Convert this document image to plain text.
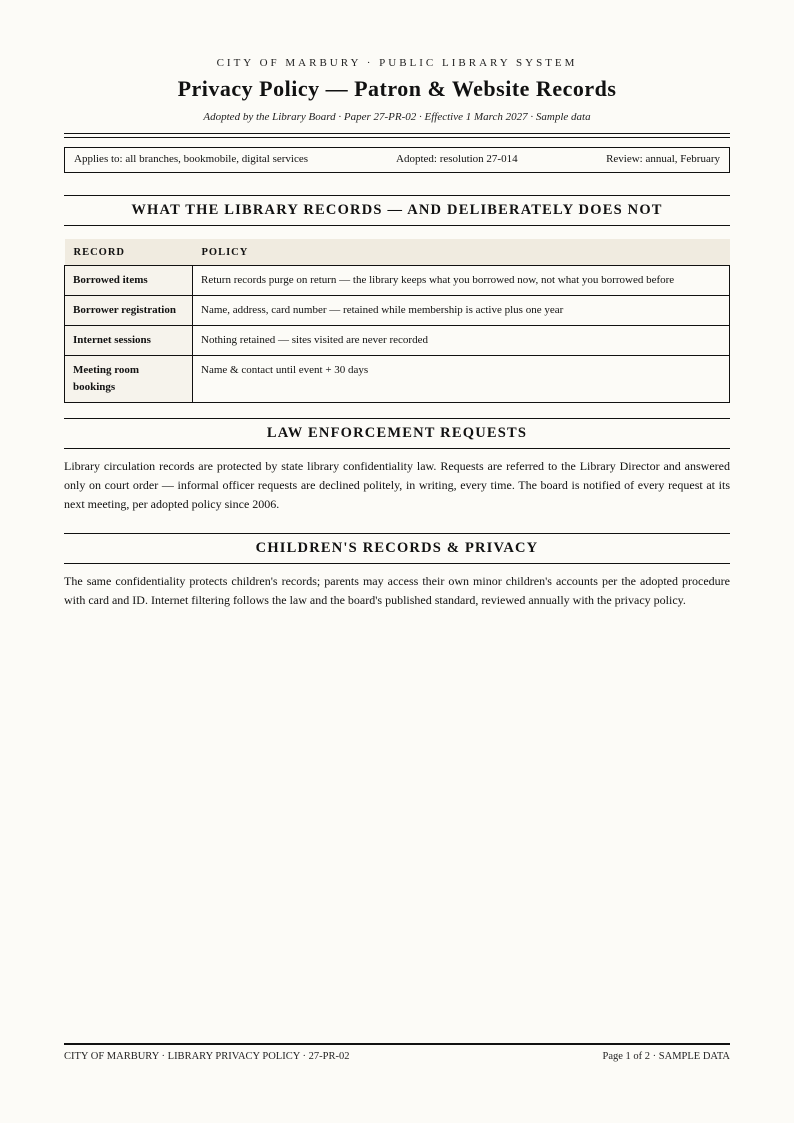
CITY OF MARBURY · PUBLIC LIBRARY SYSTEM
Privacy Policy — Patron & Website Records
Adopted by the Library Board · Paper 27-PR-02 · Effective 1 March 2027 · Sample data
Applies to: all branches, bookmobile, digital services	Adopted: resolution 27-014	Review: annual, February
WHAT THE LIBRARY RECORDS — AND DELIBERATELY DOES NOT
RECORD	POLICY
Borrowed items	Return records purge on return — the library keeps what you borrowed now, not what you borrowed before
Borrower registration	Name, address, card number — retained while membership is active plus one year
Internet sessions	Nothing retained — sites visited are never recorded
Meeting room bookings	Name & contact until event + 30 days
LAW ENFORCEMENT REQUESTS

Library circulation records are protected by state library confidentiality law. Requests are referred to the Library Director and answered only on court order — informal officer requests are declined politely, in writing, every time. The board is notified of every request at its next meeting, per adopted policy since 2006.

CHILDREN'S RECORDS & PRIVACY

The same confidentiality protects children's records; parents may access their own minor children's accounts per the adopted procedure with card and ID. Internet filtering follows the law and the board's published standard, reviewed annually with the privacy policy.

CITY OF MARBURY · LIBRARY PRIVACY POLICY · 27-PR-02	Page 1 of 2 · SAMPLE DATA
